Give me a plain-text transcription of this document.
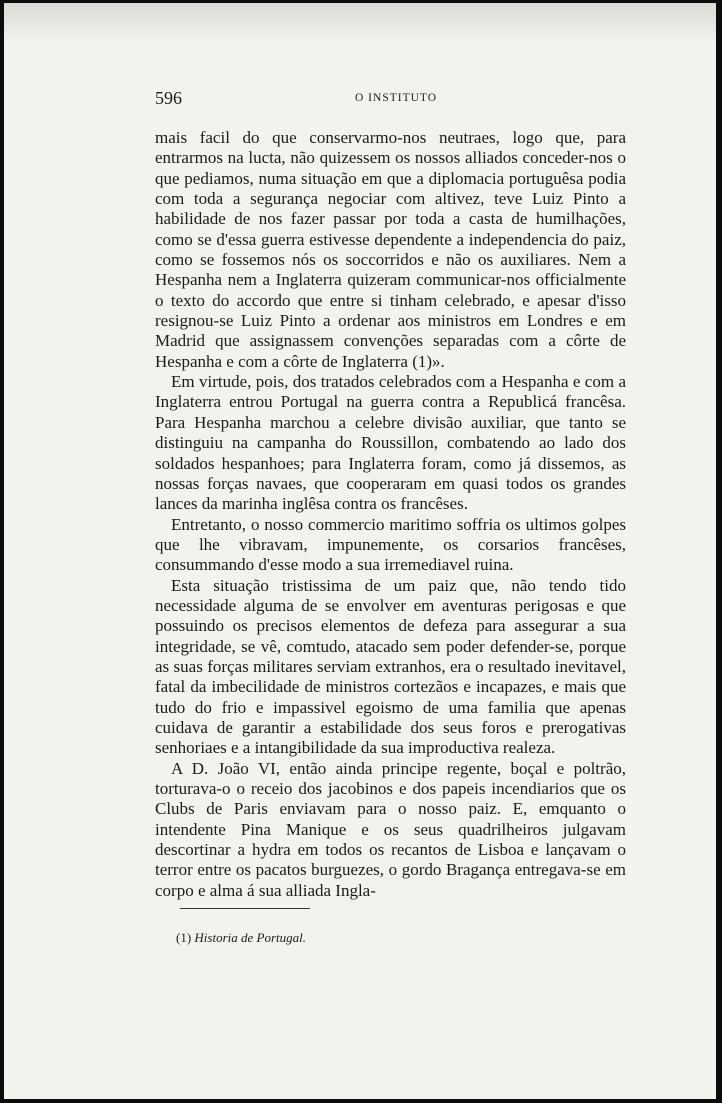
596	O INSTITUTO

mais facil do que conservarmo-nos neutraes, logo que, para entrarmos na lucta, não quizessem os nossos alliados conceder-nos o que pediamos, numa situação em que a diplomacia portuguêsa podia com toda a segurança negociar com altivez, teve Luiz Pinto a habilidade de nos fazer passar por toda a casta de humilhações, como se d'essa guerra estivesse dependente a independencia do paiz, como se fossemos nós os soccorridos e não os auxiliares. Nem a Hespanha nem a Inglaterra quizeram communicar-nos officialmente o texto do accordo que entre si tinham celebrado, e apesar d'isso resignou-se Luiz Pinto a ordenar aos ministros em Londres e em Madrid que assignassem convenções separadas com a côrte de Hespanha e com a côrte de Inglaterra (1)».

Em virtude, pois, dos tratados celebrados com a Hespanha e com a Inglaterra entrou Portugal na guerra contra a Republicá francêsa. Para Hespanha marchou a celebre divisão auxiliar, que tanto se distinguiu na campanha do Roussillon, combatendo ao lado dos soldados hespanhoes; para Inglaterra foram, como já dissemos, as nossas forças navaes, que cooperaram em quasi todos os grandes lances da marinha inglêsa contra os francêses.

Entretanto, o nosso commercio maritimo soffria os ultimos golpes que lhe vibravam, impunemente, os corsarios francêses, consummando d'esse modo a sua irremediavel ruina.

Esta situação tristissima de um paiz que, não tendo tido necessidade alguma de se envolver em aventuras perigosas e que possuindo os precisos elementos de defeza para assegurar a sua integridade, se vê, comtudo, atacado sem poder defender-se, porque as suas forças militares serviam extranhos, era o resultado inevitavel, fatal da imbecilidade de ministros cortezãos e incapazes, e mais que tudo do frio e impassivel egoismo de uma familia que apenas cuidava de garantir a estabilidade dos seus foros e prerogativas senhoriaes e a intangibilidade da sua improductiva realeza.

A D. João VI, então ainda principe regente, boçal e poltrão, torturava-o o receio dos jacobinos e dos papeis incendiarios que os Clubs de Paris enviavam para o nosso paiz. E, emquanto o intendente Pina Manique e os seus quadrilheiros julgavam descortinar a hydra em todos os recantos de Lisboa e lançavam o terror entre os pacatos burguezes, o gordo Bragança entregava-se em corpo e alma á sua alliada Ingla-

(1) Historia de Portugal.
